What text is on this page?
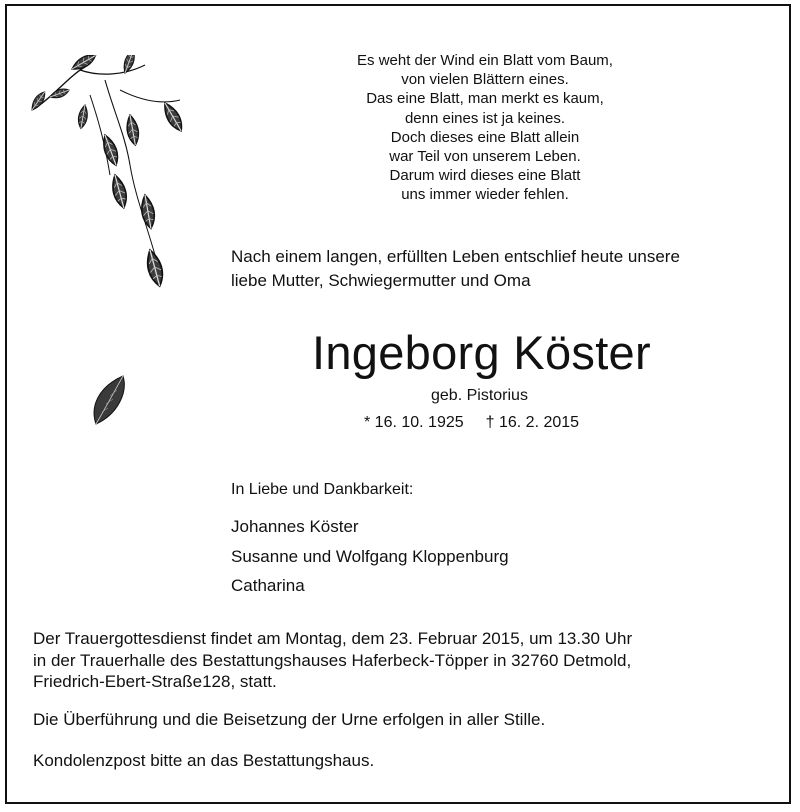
Es weht der Wind ein Blatt vom Baum,
von vielen Blättern eines.
Das eine Blatt, man merkt es kaum,
denn eines ist ja keines.
Doch dieses eine Blatt allein
war Teil von unserem Leben.
Darum wird dieses eine Blatt
uns immer wieder fehlen.
Nach einem langen, erfüllten Leben entschlief heute unsere
liebe Mutter, Schwiegermutter und Oma
Ingeborg Köster
geb. Pistorius
* 16. 10. 1925 † 16. 2. 2015
In Liebe und Dankbarkeit:
Johannes Köster
Susanne und Wolfgang Kloppenburg
Catharina
Der Trauergottesdienst findet am Montag, dem 23. Februar 2015, um 13.30 Uhr
in der Trauerhalle des Bestattungshauses Haferbeck-Töpper in 32760 Detmold,
Friedrich-Ebert-Straße128, statt.
Die Überführung und die Beisetzung der Urne erfolgen in aller Stille.
Kondolenzpost bitte an das Bestattungshaus.
